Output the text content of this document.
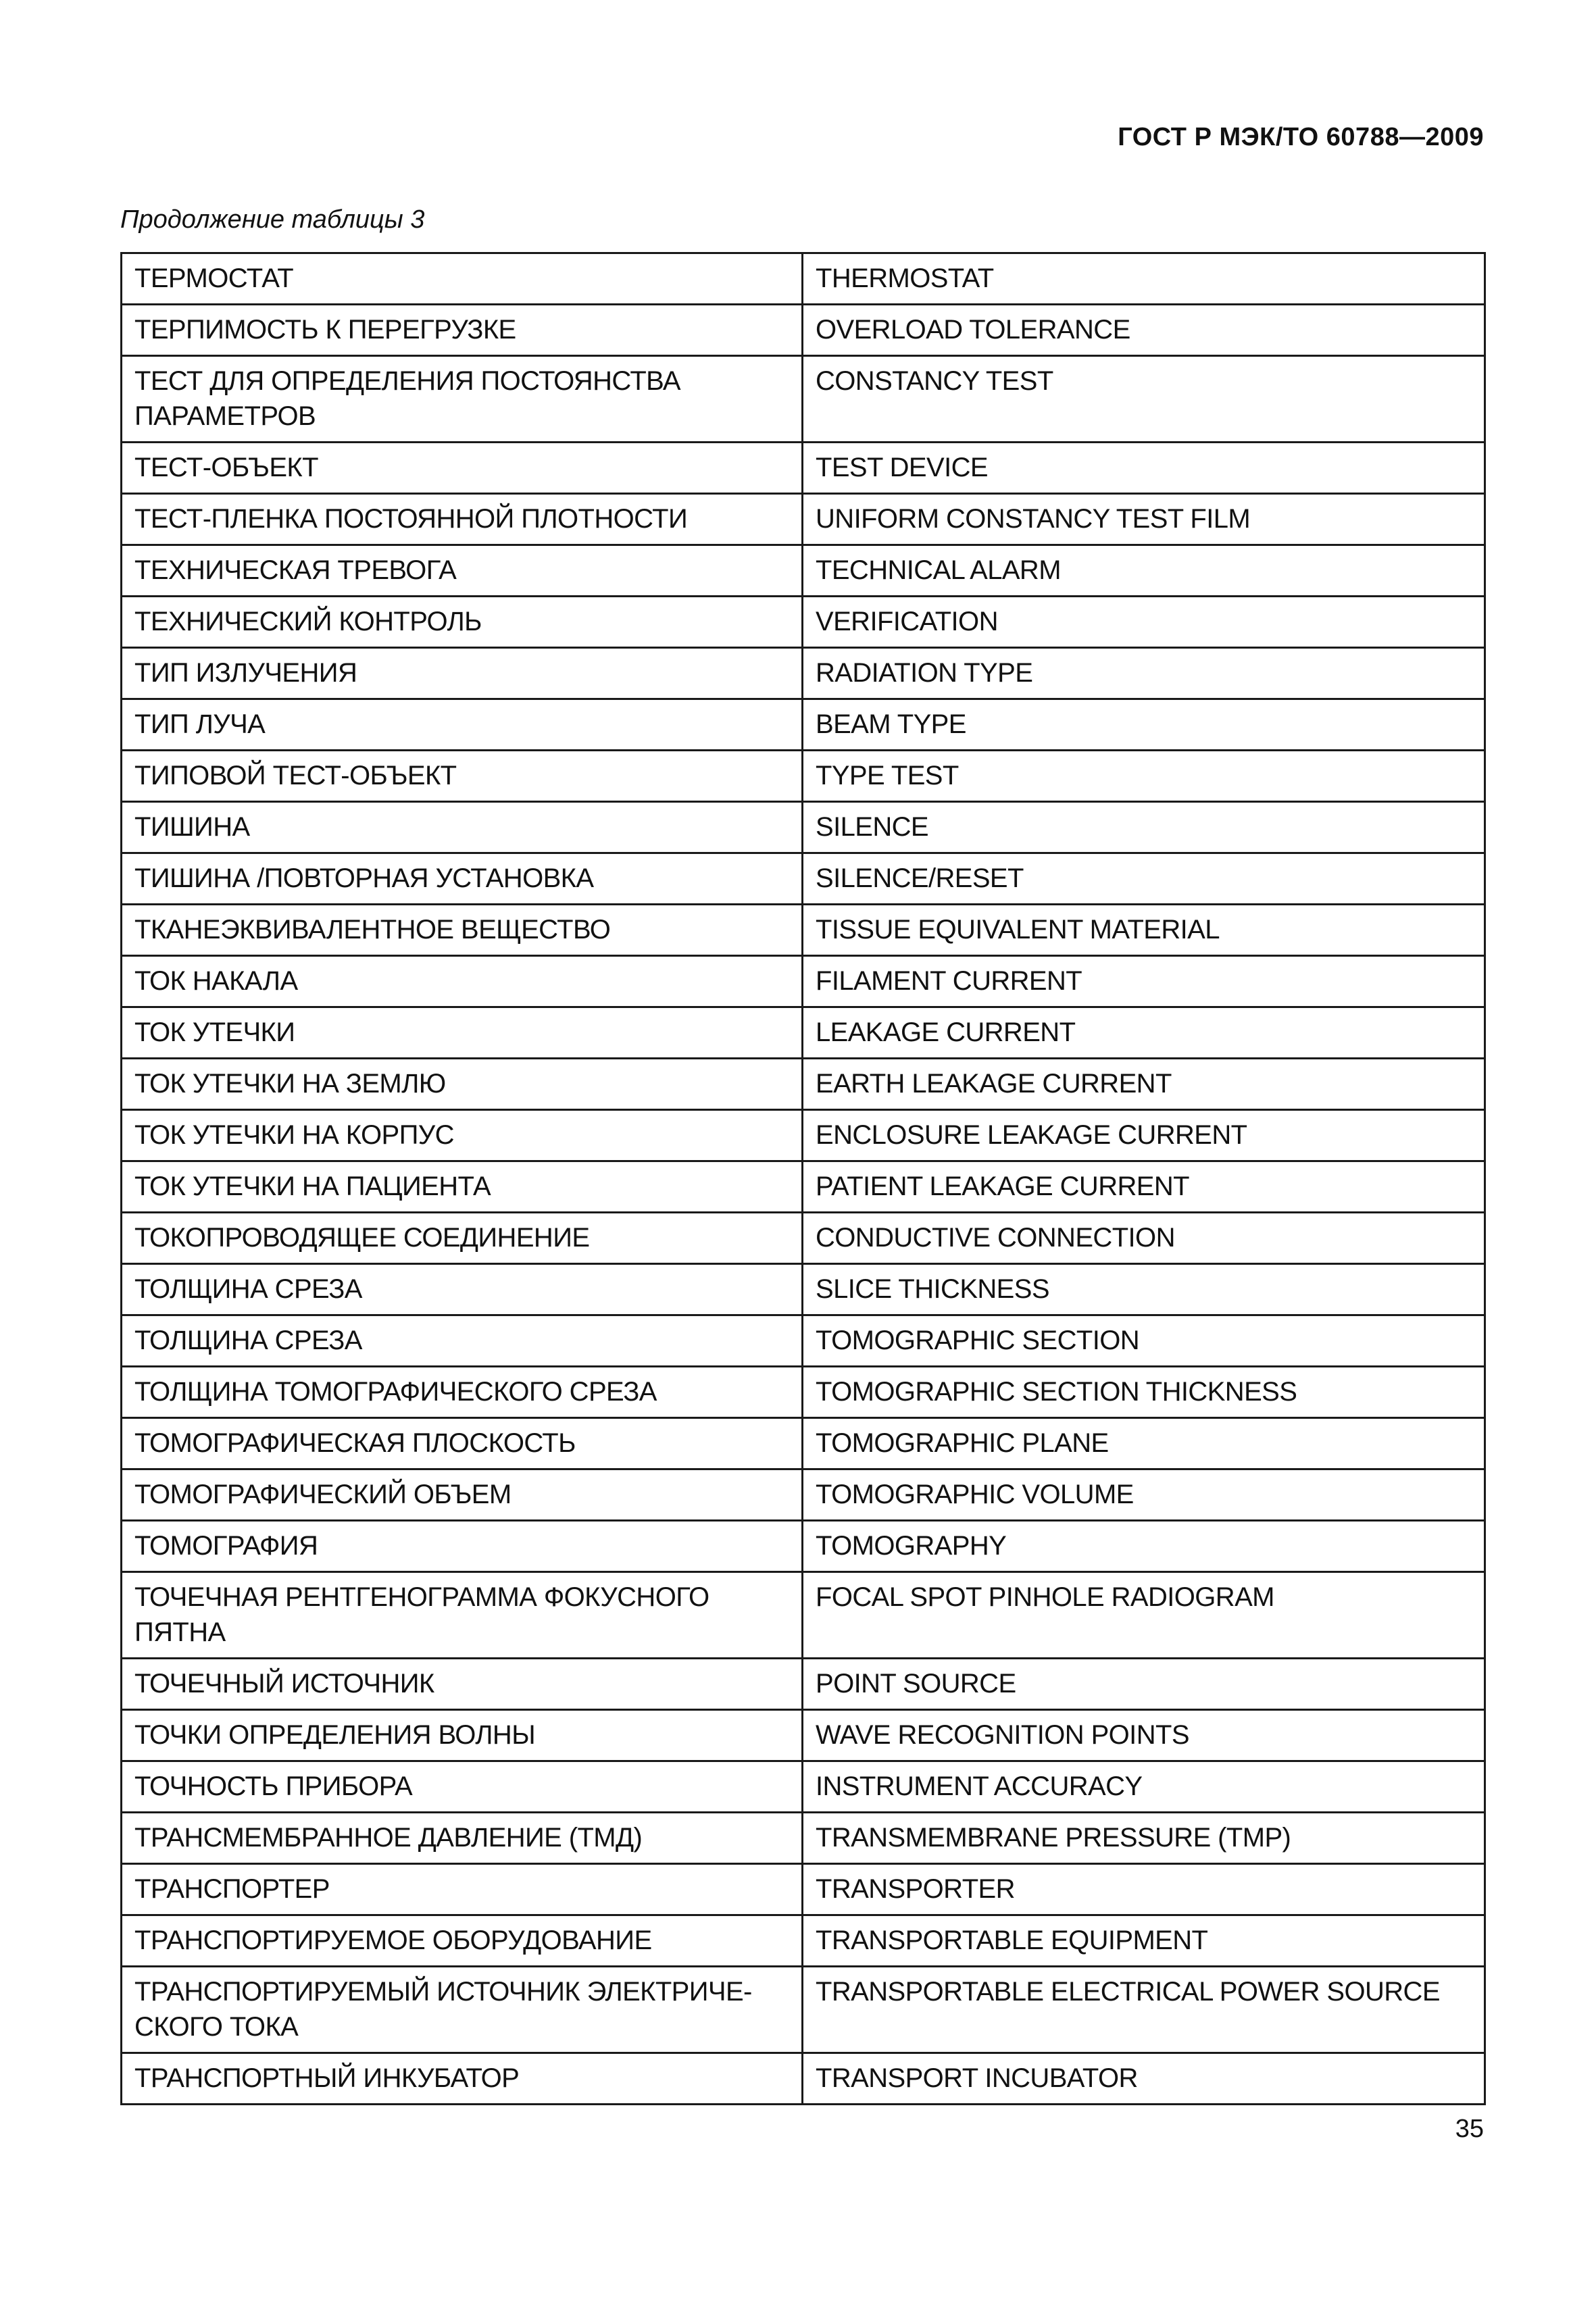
ГОСТ Р МЭК/ТО 60788—2009
Продолжение таблицы 3
ТЕРМОСТАТ	THERMOSTAT
ТЕРПИМОСТЬ К ПЕРЕГРУЗКЕ	OVERLOAD TOLERANCE
ТЕСТ ДЛЯ ОПРЕДЕЛЕНИЯ ПОСТОЯНСТВА ПАРАМЕТРОВ	CONSTANCY TEST
ТЕСТ-ОБЪЕКТ	TEST DEVICE
ТЕСТ-ПЛЕНКА ПОСТОЯННОЙ ПЛОТНОСТИ	UNIFORM CONSTANCY TEST FILM
ТЕХНИЧЕСКАЯ ТРЕВОГА	TECHNICAL ALARM
ТЕХНИЧЕСКИЙ КОНТРОЛЬ	VERIFICATION
ТИП ИЗЛУЧЕНИЯ	RADIATION TYPE
ТИП ЛУЧА	BEAM TYPE
ТИПОВОЙ ТЕСТ-ОБЪЕКТ	TYPE TEST
ТИШИНА	SILENCE
ТИШИНА /ПОВТОРНАЯ УСТАНОВКА	SILENCE/RESET
ТКАНЕЭКВИВАЛЕНТНОЕ ВЕЩЕСТВО	TISSUE EQUIVALENT MATERIAL
ТОК НАКАЛА	FILAMENT CURRENT
ТОК УТЕЧКИ	LEAKAGE CURRENT
ТОК УТЕЧКИ НА ЗЕМЛЮ	EARTH LEAKAGE CURRENT
ТОК УТЕЧКИ НА КОРПУС	ENCLOSURE LEAKAGE CURRENT
ТОК УТЕЧКИ НА ПАЦИЕНТА	PATIENT LEAKAGE CURRENT
ТОКОПРОВОДЯЩЕЕ СОЕДИНЕНИЕ	CONDUCTIVE CONNECTION
ТОЛЩИНА СРЕЗА	SLICE THICKNESS
ТОЛЩИНА СРЕЗА	TOMOGRAPHIC SECTION
ТОЛЩИНА ТОМОГРАФИЧЕСКОГО СРЕЗА	TOMOGRAPHIC SECTION THICKNESS
ТОМОГРАФИЧЕСКАЯ ПЛОСКОСТЬ	TOMOGRAPHIC PLANE
ТОМОГРАФИЧЕСКИЙ ОБЪЕМ	TOMOGRAPHIC VOLUME
ТОМОГРАФИЯ	TOMOGRAPHY
ТОЧЕЧНАЯ РЕНТГЕНОГРАММА ФОКУСНОГО ПЯТНА	FOCAL SPOT PINHOLE RADIOGRAM
ТОЧЕЧНЫЙ ИСТОЧНИК	POINT SOURCE
ТОЧКИ ОПРЕДЕЛЕНИЯ ВОЛНЫ	WAVE RECOGNITION POINTS
ТОЧНОСТЬ ПРИБОРА	INSTRUMENT ACCURACY
ТРАНСМЕМБРАННОЕ ДАВЛЕНИЕ (ТМД)	TRANSMEMBRANE PRESSURE (TMP)
ТРАНСПОРТЕР	TRANSPORTER
ТРАНСПОРТИРУЕМОЕ ОБОРУДОВАНИЕ	TRANSPORTABLE EQUIPMENT
ТРАНСПОРТИРУЕМЫЙ ИСТОЧНИК ЭЛЕКТРИЧЕ-СКОГО ТОКА	TRANSPORTABLE ELECTRICAL POWER SOURCE
ТРАНСПОРТНЫЙ ИНКУБАТОР	TRANSPORT INCUBATOR
35
